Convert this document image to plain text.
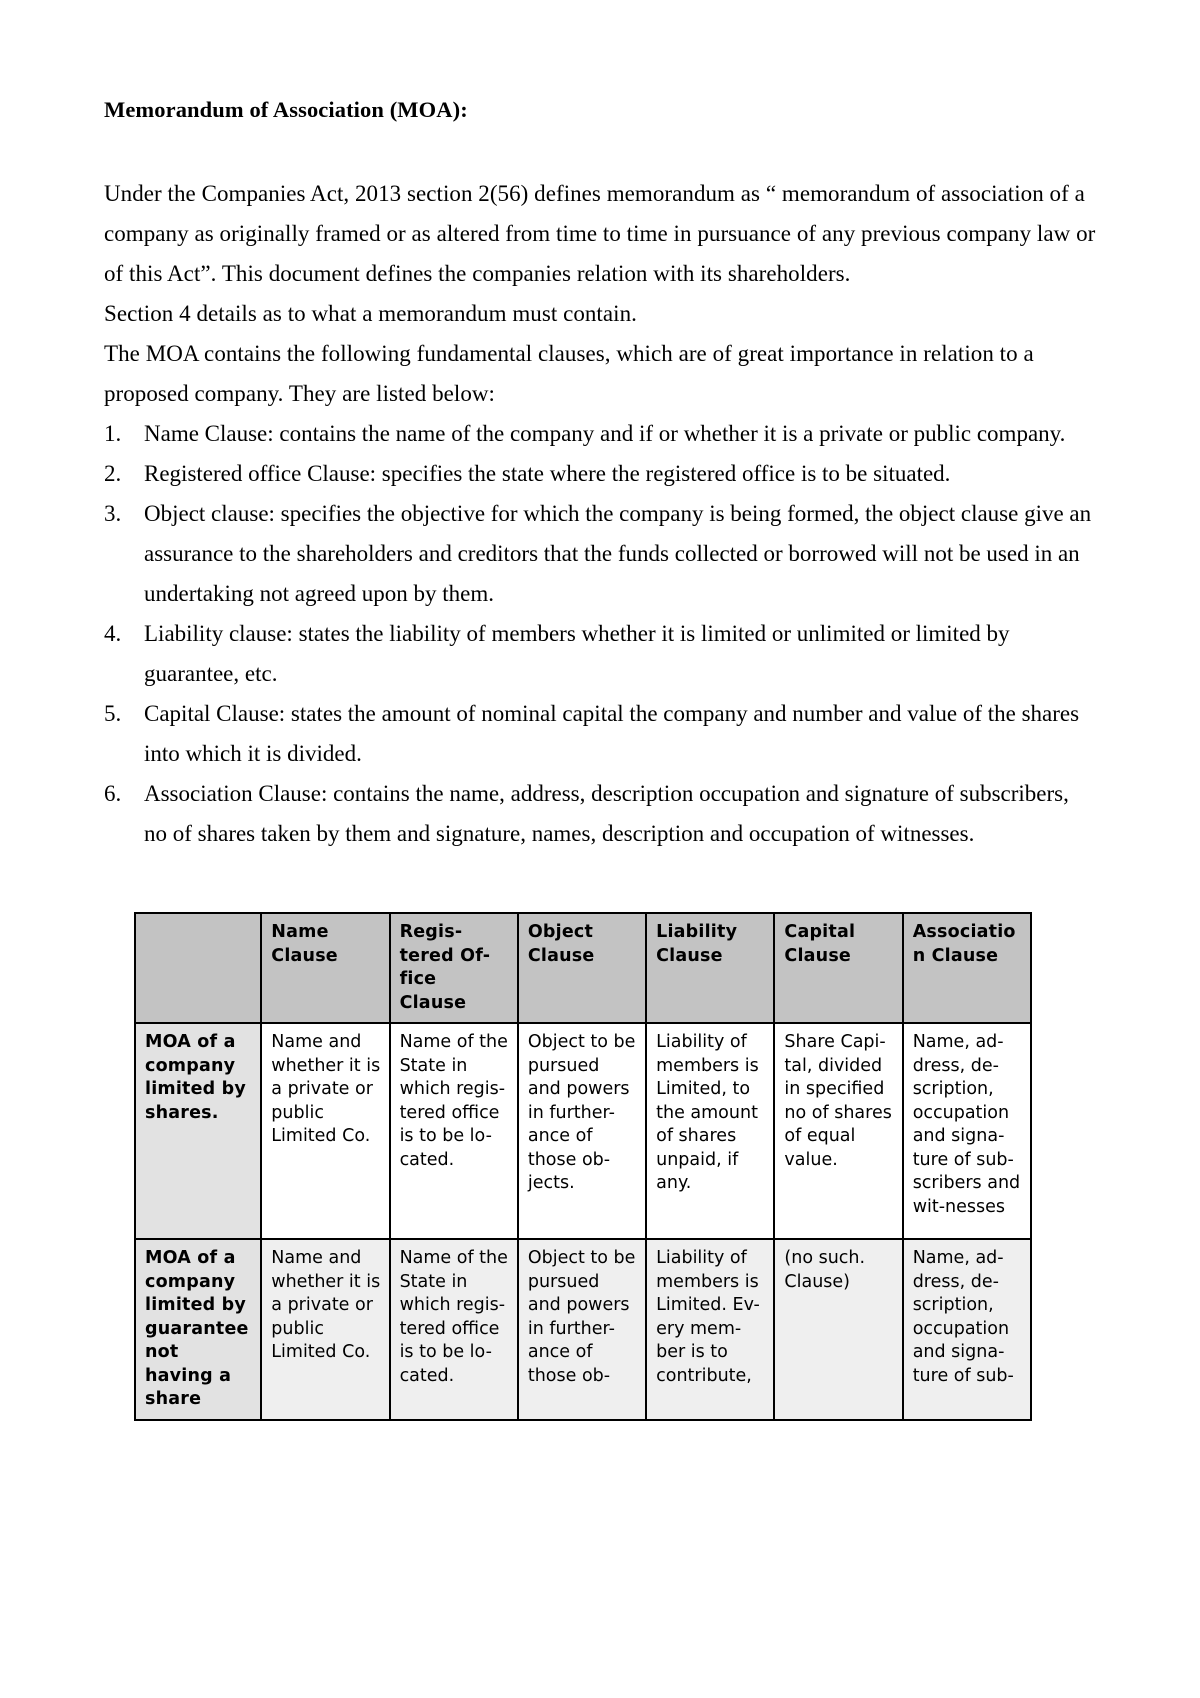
Memorandum of Association (MOA):

Under the Companies Act, 2013 section 2(56) defines memorandum as “ memorandum of association of a company as originally framed or as altered from time to time in pursuance of any previous company law or of this Act”. This document defines the companies relation with its shareholders.

Section 4 details as to what a memorandum must contain.

The MOA contains the following fundamental clauses, which are of great importance in relation to a proposed company. They are listed below:

Name Clause: contains the name of the company and if or whether it is a private or public company.
Registered office Clause: specifies the state where the registered office is to be situated.
Object clause: specifies the objective for which the company is being formed, the object clause give an assurance to the shareholders and creditors that the funds collected or borrowed will not be used in an undertaking not agreed upon by them.
Liability clause: states the liability of members whether it is limited or unlimited or limited by guarantee, etc.
Capital Clause: states the amount of nominal capital the company and number and value of the shares into which it is divided.
Association Clause: contains the name, address, description occupation and signature of subscribers, no of shares taken by them and signature, names, description and occupation of witnesses.
	Name Clause	Regis-tered Of-fice Clause	Object Clause	Liability Clause	Capital Clause	Associatio n Clause
MOA of a company limited by shares.	Name and whether it is a private or public Limited Co.	Name of the State in which regis-tered office is to be lo-cated.	Object to be pursued and powers in further-ance of those ob-jects.	Liability of members is Limited, to the amount of shares unpaid, if any.	Share Capi-tal, divided in specified no of shares of equal value.	Name, ad-dress, de-scription, occupation and signa-ture of sub-scribers and wit-nesses
MOA of a company limited by guarantee not having a share	Name and whether it is a private or public Limited Co.	Name of the State in which regis-tered office is to be lo-cated.	Object to be pursued and powers in further-ance of those ob-	Liability of members is Limited. Ev-ery mem-ber is to contribute,	(no such. Clause)	Name, ad-dress, de-scription, occupation and signa-ture of sub-
